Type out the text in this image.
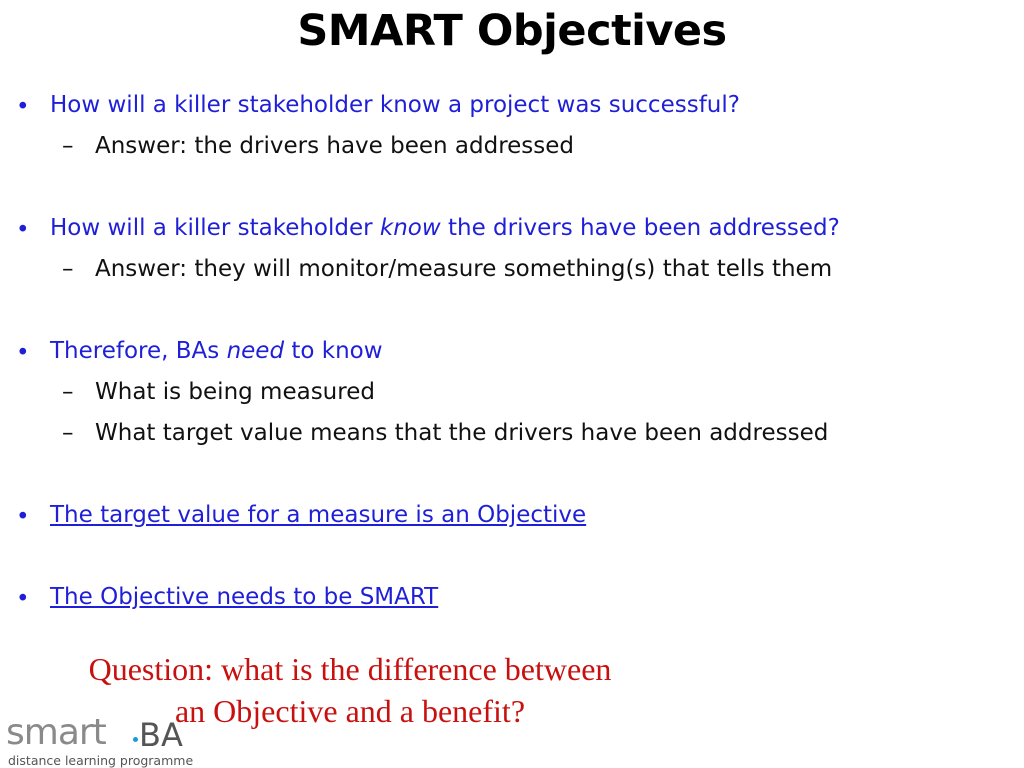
SMART Objectives
• How will a killer stakeholder know a project was successful?
– Answer: the drivers have been addressed
• How will a killer stakeholder know the drivers have been addressed?
– Answer: they will monitor/measure something(s) that tells them
• Therefore, BAs need to know
– What is being measured
– What target value means that the drivers have been addressed
• The target value for a measure is an Objective
• The Objective needs to be SMART
Question: what is the difference between
an Objective and a benefit?
smart BA
distance learning programme
